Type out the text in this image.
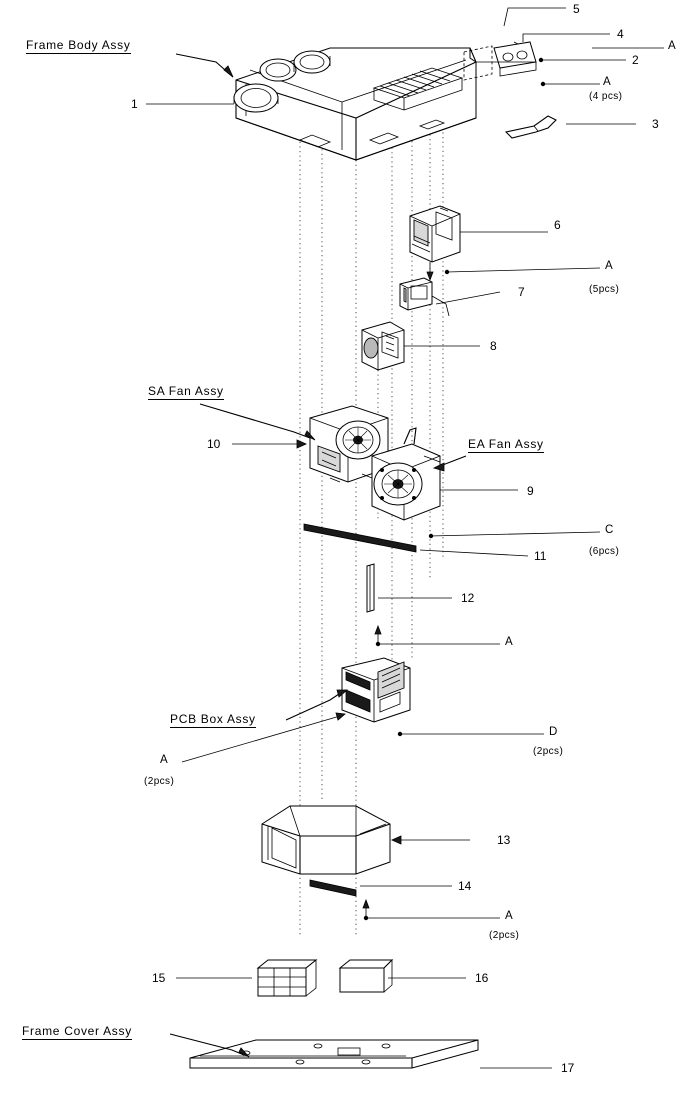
Frame Body Assy
SA Fan Assy
EA Fan Assy
PCB Box Assy
Frame Cover Assy
1
2
3
4
5
6
7
8
9
10
11
12
13
14
15	16
17
A
A
(4 pcs)
A
(5pcs)
C
(6pcs)
A
D
(2pcs)
A
(2pcs)
A
(2pcs)
